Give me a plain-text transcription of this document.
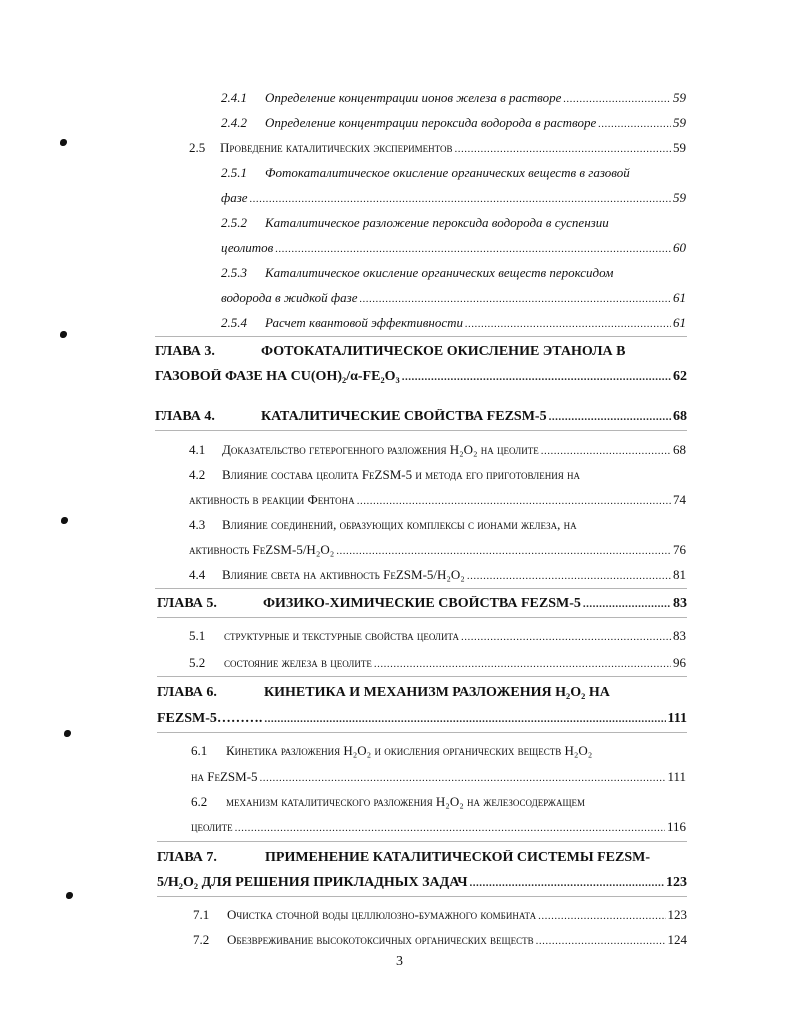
2.4.1	Определение концентрации ионов железа в растворе .....	59
2.4.2	Определение концентрации пероксида водорода в растворе .....	59
2.5	Проведение каталитических экспериментов .....	59
2.5.1	Фотокаталитическое окисление органических веществ в газовой
фазе .....	59
2.5.2	Каталитическое разложение пероксида водорода в суспензии
цеолитов .....	60
2.5.3	Каталитическое окисление органических веществ пероксидом
водорода в жидкой фазе .....	61
2.5.4	Расчет квантовой эффективности .....	61
ГЛАВА 3.	ФОТОКАТАЛИТИЧЕСКОЕ ОКИСЛЕНИЕ ЭТАНОЛА В
ГАЗОВОЙ ФАЗЕ НА CU(OH)₂/α-FE₂O₃ .....	62
ГЛАВА 4.	КАТАЛИТИЧЕСКИЕ СВОЙСТВА FEZSM-5 .....	68
4.1	Доказательство гетерогенного разложения H₂O₂ на цеолите .....	68
4.2	Влияние состава цеолита FeZSM-5 и метода его приготовления на
активность в реакции Фентона .....	74
4.3	Влияние соединений, образующих комплексы с ионами железа, на
активность FeZSM-5/H₂O₂ .....	76
4.4	Влияние света на активность FeZSM-5/H₂O₂ .....	81
ГЛАВА 5.	ФИЗИКО-ХИМИЧЕСКИЕ СВОЙСТВА FEZSM-5 .....	83
5.1	структурные и текстурные свойства цеолита .....	83
5.2	состояние железа в цеолите .....	96
ГЛАВА 6.	КИНЕТИКА И МЕХАНИЗМ РАЗЛОЖЕНИЯ H₂O₂ НА
FEZSM-5………. .....	111
6.1	Кинетика разложения H₂O₂ и окисления органических веществ H₂O₂
на FeZSM-5 .....	111
6.2	механизм каталитического разложения H₂O₂ на железосодержащем
цеолите .....	116
ГЛАВА 7.	ПРИМЕНЕНИЕ КАТАЛИТИЧЕСКОЙ СИСТЕМЫ FEZSM-
5/H₂O₂ ДЛЯ РЕШЕНИЯ ПРИКЛАДНЫХ ЗАДАЧ .....	123
7.1	Очистка сточной воды целлюлозно-бумажного комбината .....	123
7.2	Обезвреживание высокотоксичных органических веществ .....	124
3
